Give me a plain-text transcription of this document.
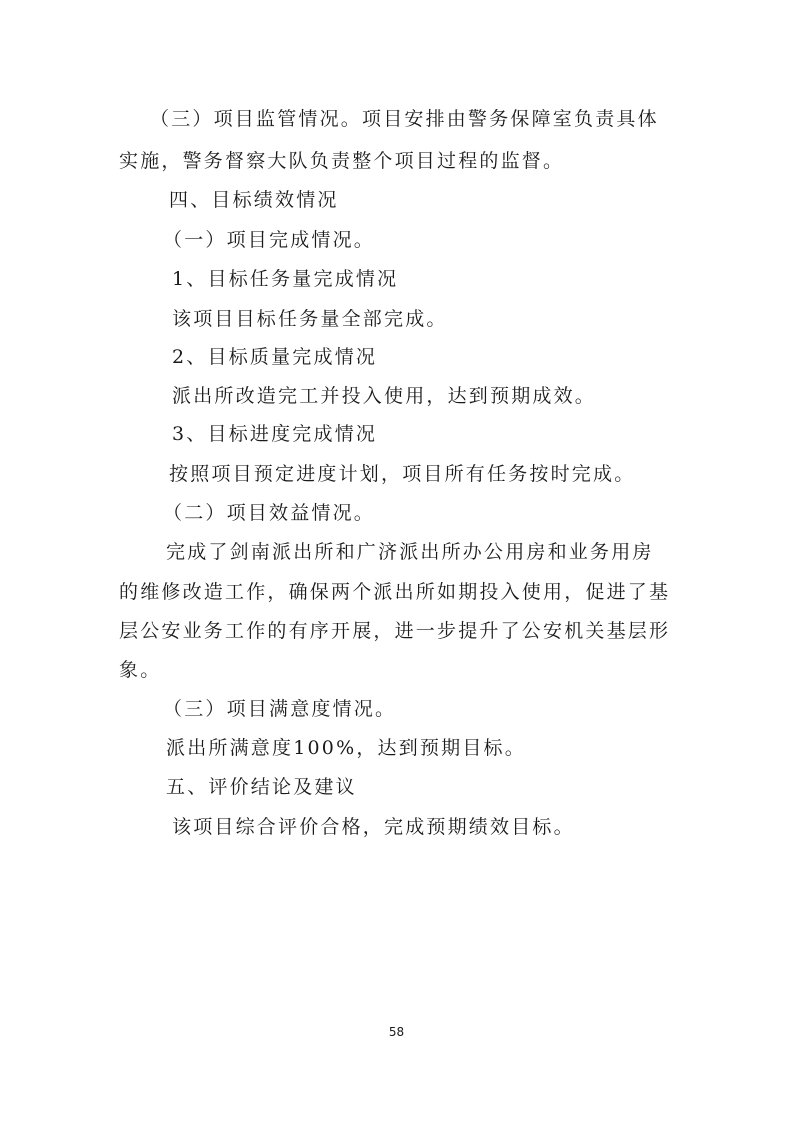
（三）项目监管情况。项目安排由警务保障室负责具体

实施，警务督察大队负责整个项目过程的监督。

四、目标绩效情况

（一）项目完成情况。

1、目标任务量完成情况

该项目目标任务量全部完成。

2、目标质量完成情况

派出所改造完工并投入使用，达到预期成效。

3、目标进度完成情况

按照项目预定进度计划，项目所有任务按时完成。

（二）项目效益情况。

完成了剑南派出所和广济派出所办公用房和业务用房

的维修改造工作，确保两个派出所如期投入使用，促进了基

层公安业务工作的有序开展，进一步提升了公安机关基层形

象。

（三）项目满意度情况。

派出所满意度100%，达到预期目标。

五、评价结论及建议

该项目综合评价合格，完成预期绩效目标。

58
